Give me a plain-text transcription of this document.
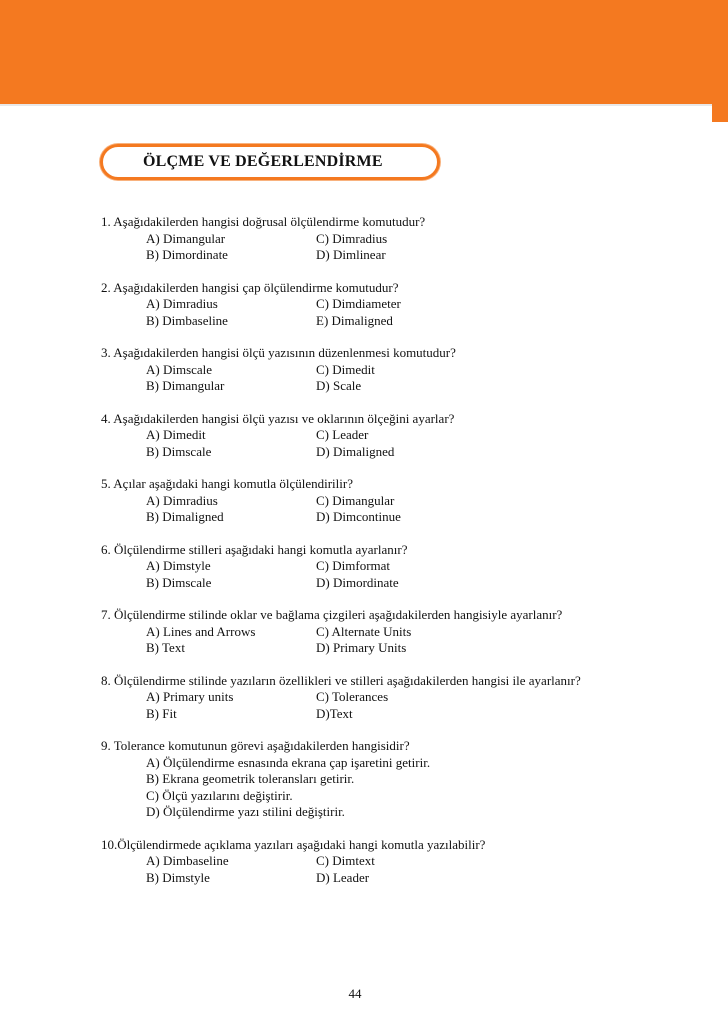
ÖLÇME VE DEĞERLENDİRME
1. Aşağıdakilerden hangisi doğrusal ölçülendirme komutudur?
A) Dimangular	C) Dimradius
B) Dimordinate	D) Dimlinear
2. Aşağıdakilerden hangisi çap ölçülendirme komutudur?
A) Dimradius	C) Dimdiameter
B) Dimbaseline	E) Dimaligned
3. Aşağıdakilerden hangisi ölçü yazısının düzenlenmesi komutudur?
A) Dimscale	C) Dimedit
B) Dimangular	D) Scale
4. Aşağıdakilerden hangisi ölçü yazısı ve oklarının ölçeğini ayarlar?
A) Dimedit	C) Leader
B) Dimscale	D) Dimaligned
5. Açılar aşağıdaki hangi komutla ölçülendirilir?
A) Dimradius	C) Dimangular
B) Dimaligned	D) Dimcontinue
6. Ölçülendirme stilleri aşağıdaki hangi komutla ayarlanır?
A) Dimstyle	C) Dimformat
B) Dimscale	D) Dimordinate
7. Ölçülendirme stilinde oklar ve bağlama çizgileri aşağıdakilerden hangisiyle ayarlanır?
A) Lines and Arrows	C) Alternate Units
B) Text	D) Primary Units
8. Ölçülendirme stilinde yazıların özellikleri ve stilleri aşağıdakilerden hangisi ile ayarlanır?
A) Primary units	C) Tolerances
B) Fit	D)Text
9. Tolerance komutunun görevi aşağıdakilerden hangisidir?
A) Ölçülendirme esnasında ekrana çap işaretini getirir.
B) Ekrana geometrik toleransları getirir.
C) Ölçü yazılarını değiştirir.
D) Ölçülendirme yazı stilini değiştirir.
10.Ölçülendirmede açıklama yazıları aşağıdaki hangi komutla yazılabilir?
A) Dimbaseline	C) Dimtext
B) Dimstyle	D) Leader
44
